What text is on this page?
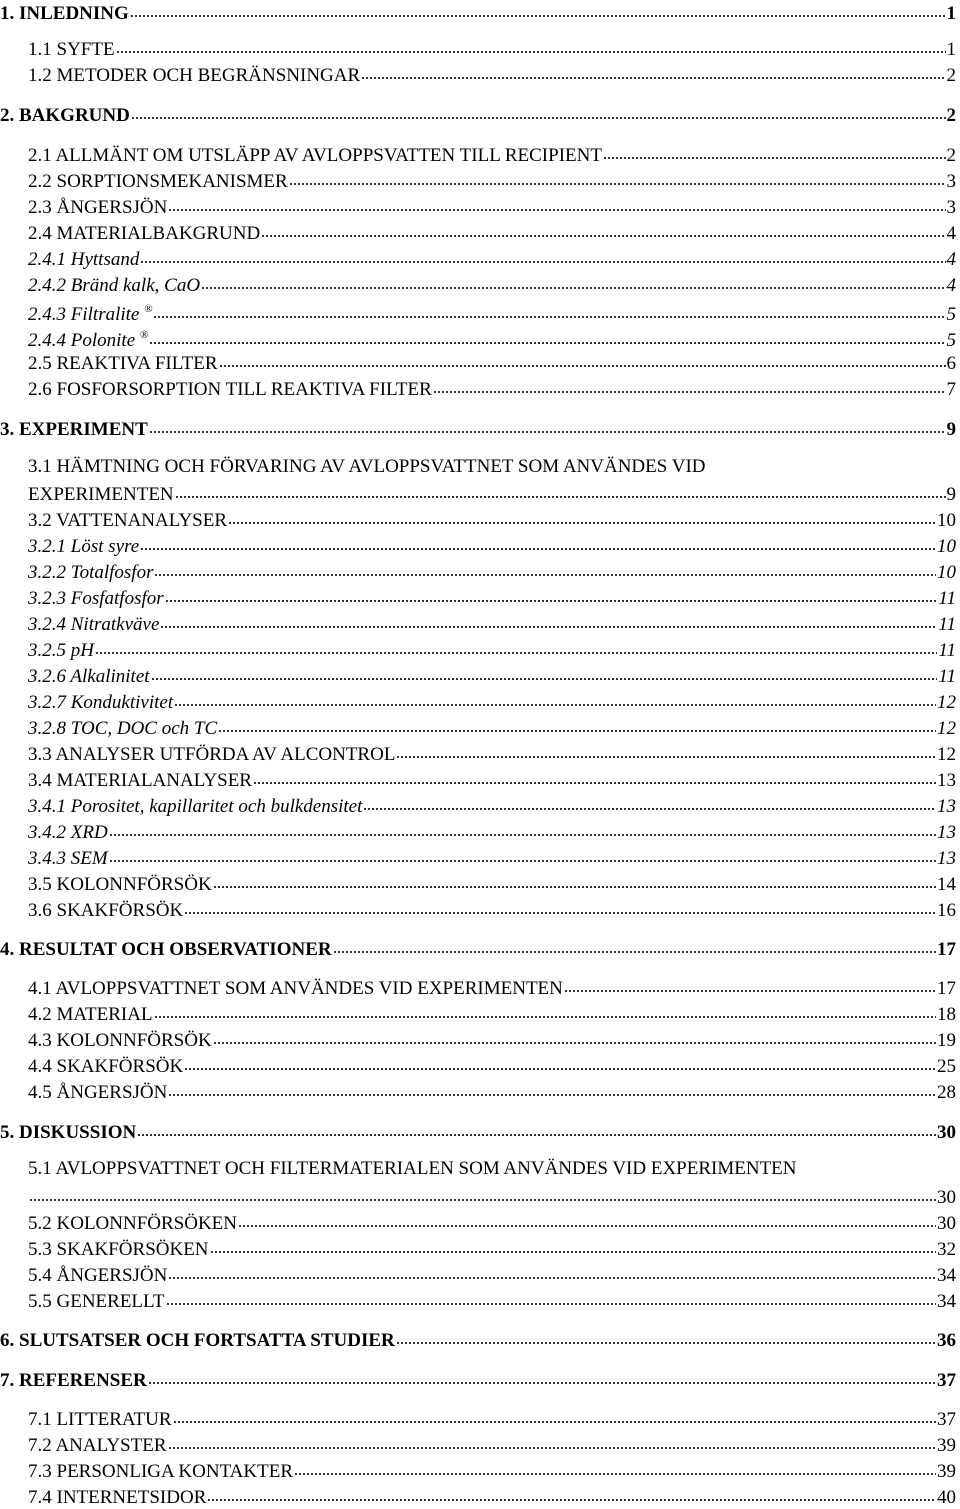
1. INLEDNING	1
1.1 SYFTE	1
1.2 METODER OCH BEGRÄNSNINGAR	2
2. BAKGRUND	2
2.1 ALLMÄNT OM UTSLÄPP AV AVLOPPSVATTEN TILL RECIPIENT	2
2.2 SORPTIONSMEKANISMER	3
2.3 ÅNGERSJÖN	3
2.4 MATERIALBAKGRUND	4
2.4.1 Hyttsand	4
2.4.2 Bränd kalk, CaO	4
2.4.3 Filtralite ®	5
2.4.4 Polonite ®	5
2.5 REAKTIVA FILTER	6
2.6 FOSFORSORPTION TILL REAKTIVA FILTER	7
3. EXPERIMENT	9
3.1 HÄMTNING OCH FÖRVARING AV AVLOPPSVATTNET SOM ANVÄNDES VID
EXPERIMENTEN	9
3.2 VATTENANALYSER	10
3.2.1 Löst syre	10
3.2.2 Totalfosfor	10
3.2.3 Fosfatfosfor	11
3.2.4 Nitratkväve	11
3.2.5 pH	11
3.2.6 Alkalinitet	11
3.2.7 Konduktivitet	12
3.2.8 TOC, DOC och TC	12
3.3 ANALYSER UTFÖRDA AV ALCONTROL	12
3.4 MATERIALANALYSER	13
3.4.1 Porositet, kapillaritet och bulkdensitet	13
3.4.2 XRD	13
3.4.3 SEM	13
3.5 KOLONNFÖRSÖK	14
3.6 SKAKFÖRSÖK	16
4. RESULTAT OCH OBSERVATIONER	17
4.1 AVLOPPSVATTNET SOM ANVÄNDES VID EXPERIMENTEN	17
4.2 MATERIAL	18
4.3 KOLONNFÖRSÖK	19
4.4 SKAKFÖRSÖK	25
4.5 ÅNGERSJÖN	28
5. DISKUSSION	30
5.1 AVLOPPSVATTNET OCH FILTERMATERIALEN SOM ANVÄNDES VID EXPERIMENTEN
30
5.2 KOLONNFÖRSÖKEN	30
5.3 SKAKFÖRSÖKEN	32
5.4 ÅNGERSJÖN	34
5.5 GENERELLT	34
6. SLUTSATSER OCH FORTSATTA STUDIER	36
7. REFERENSER	37
7.1 LITTERATUR	37
7.2 ANALYSTER	39
7.3 PERSONLIGA KONTAKTER	39
7.4 INTERNETSIDOR	40
